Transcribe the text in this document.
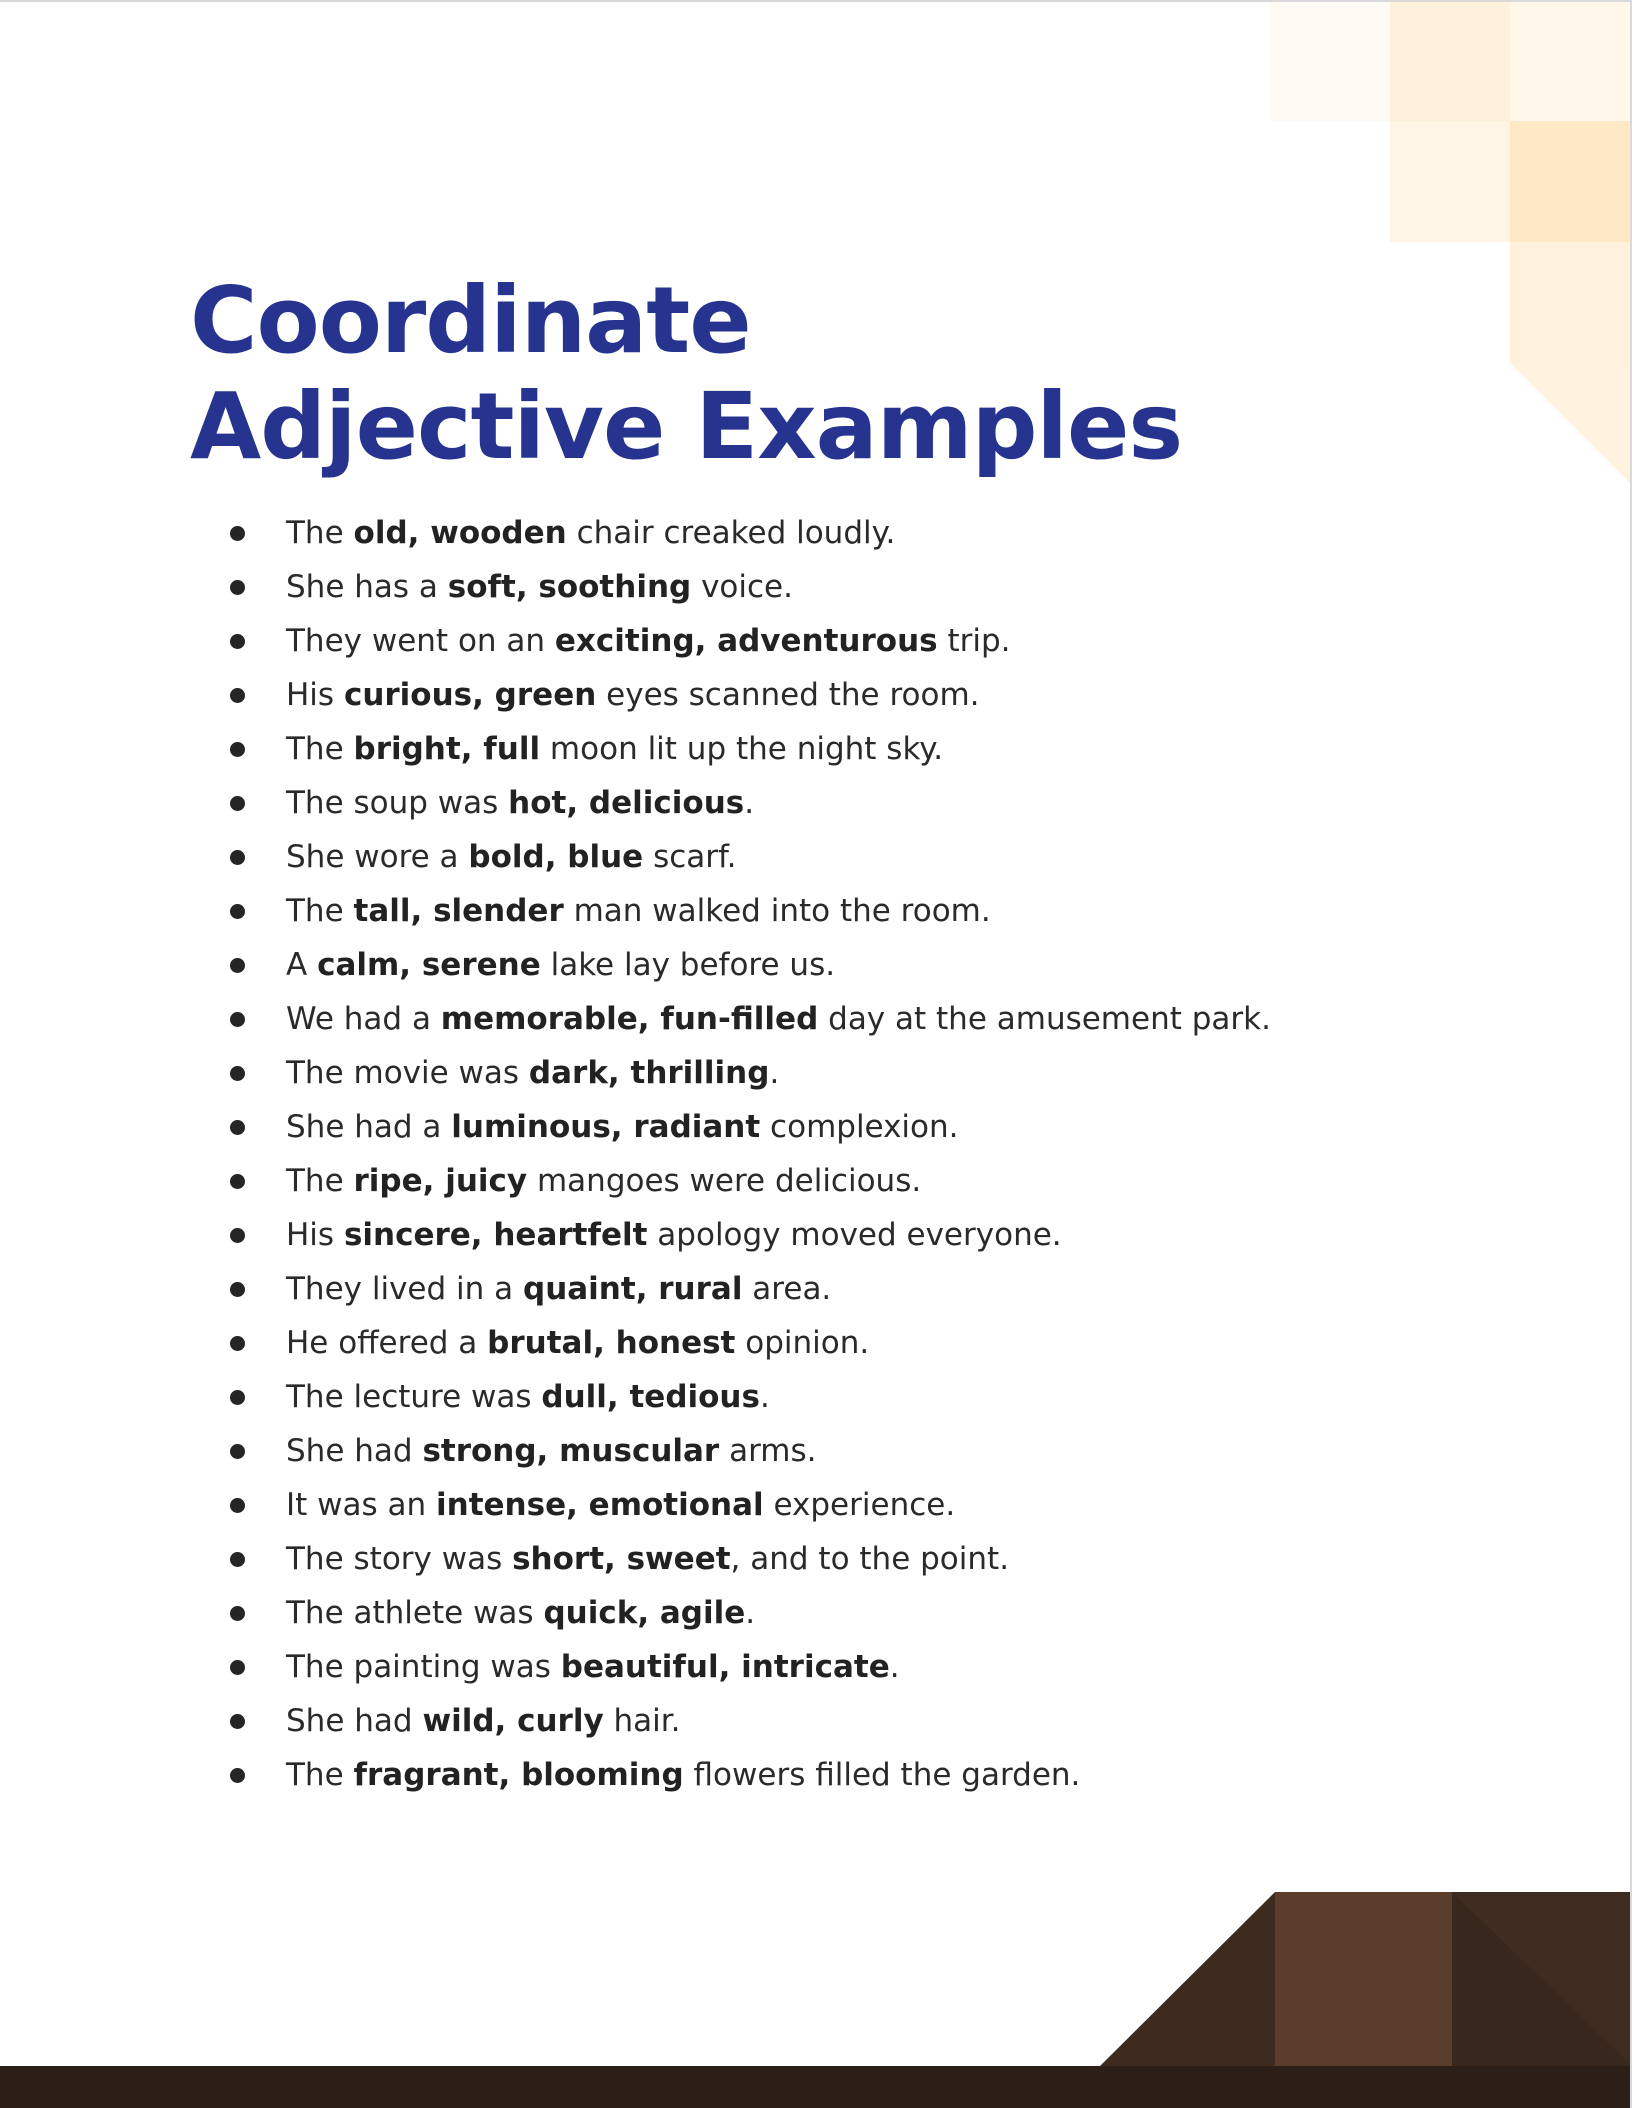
Coordinate
Adjective Examples
The old, wooden chair creaked loudly.
She has a soft, soothing voice.
They went on an exciting, adventurous trip.
His curious, green eyes scanned the room.
The bright, full moon lit up the night sky.
The soup was hot, delicious.
She wore a bold, blue scarf.
The tall, slender man walked into the room.
A calm, serene lake lay before us.
We had a memorable, fun-filled day at the amusement park.
The movie was dark, thrilling.
She had a luminous, radiant complexion.
The ripe, juicy mangoes were delicious.
His sincere, heartfelt apology moved everyone.
They lived in a quaint, rural area.
He offered a brutal, honest opinion.
The lecture was dull, tedious.
She had strong, muscular arms.
It was an intense, emotional experience.
The story was short, sweet, and to the point.
The athlete was quick, agile.
The painting was beautiful, intricate.
She had wild, curly hair.
The fragrant, blooming flowers filled the garden.
